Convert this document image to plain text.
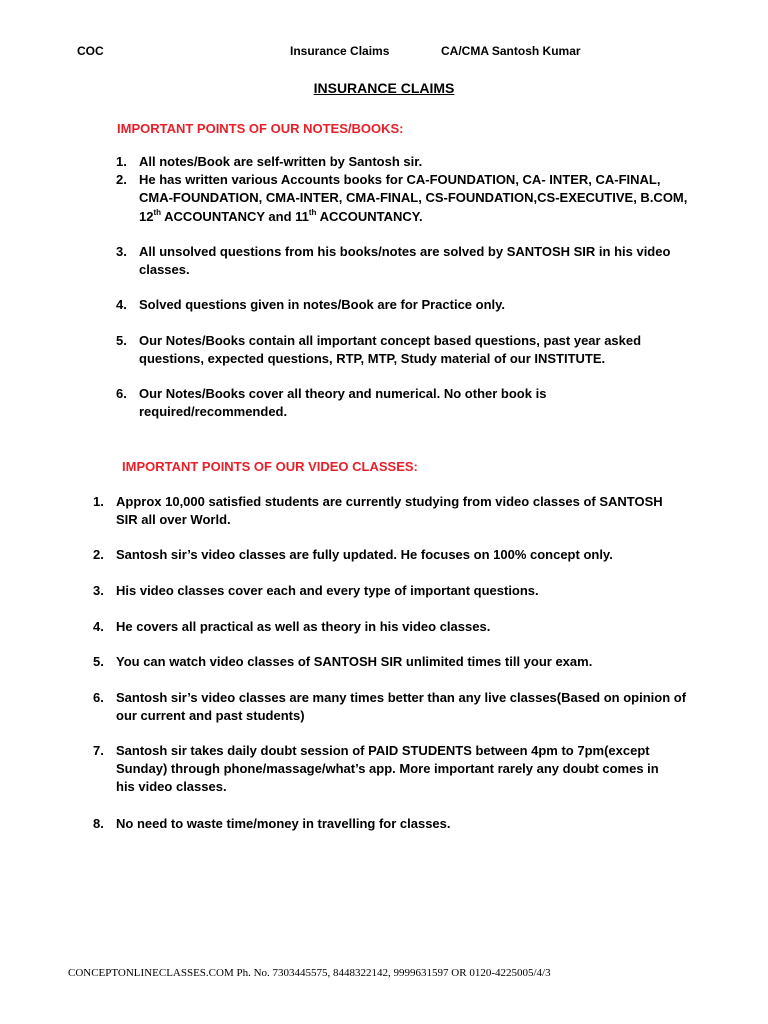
COC	Insurance Claims	CA/CMA Santosh Kumar
INSURANCE CLAIMS
IMPORTANT POINTS OF OUR NOTES/BOOKS:
1. All notes/Book are self-written by Santosh sir.
2. He has written various Accounts books for CA-FOUNDATION, CA- INTER, CA-FINAL,
CMA-FOUNDATION, CMA-INTER, CMA-FINAL, CS-FOUNDATION,CS-EXECUTIVE, B.COM,
12th ACCOUNTANCY and 11th ACCOUNTANCY.
3. All unsolved questions from his books/notes are solved by SANTOSH SIR in his video
classes.
4. Solved questions given in notes/Book are for Practice only.
5. Our Notes/Books contain all important concept based questions, past year asked
questions, expected questions, RTP, MTP, Study material of our INSTITUTE.
6. Our Notes/Books cover all theory and numerical. No other book is
required/recommended.
IMPORTANT POINTS OF OUR VIDEO CLASSES:
1. Approx 10,000 satisfied students are currently studying from video classes of SANTOSH
SIR all over World.
2. Santosh sir’s video classes are fully updated. He focuses on 100% concept only.
3. His video classes cover each and every type of important questions.
4. He covers all practical as well as theory in his video classes.
5. You can watch video classes of SANTOSH SIR unlimited times till your exam.
6. Santosh sir’s video classes are many times better than any live classes(Based on opinion of
our current and past students)
7. Santosh sir takes daily doubt session of PAID STUDENTS between 4pm to 7pm(except
Sunday) through phone/massage/what’s app. More important rarely any doubt comes in
his video classes.
8. No need to waste time/money in travelling for classes.
CONCEPTONLINECLASSES.COM Ph. No. 7303445575, 8448322142, 9999631597 OR 0120-4225005/4/3
